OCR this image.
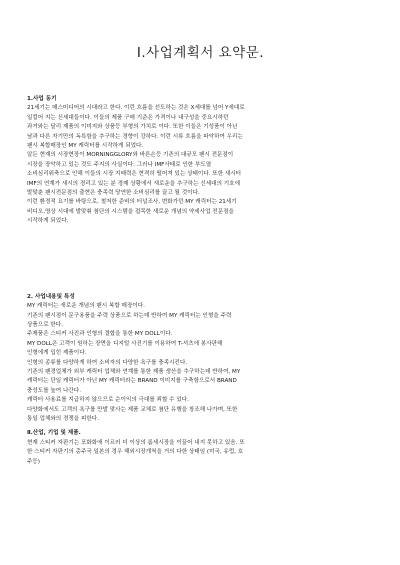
Ⅰ.사업계획서 요약문.

1.사업 동기

21세기는 매스미디어의 시대라고 한다. 이런 흐름을 선도하는 것은 X세대를 넘어 Y세대로

일컬어 지는 신세대들이다. 이들의 제품 구매 기준은 가격이나 내구성을 중요시하던

과거와는 달리 제품의 이미지와 상품등 부형의 가치로 이다. 또한 이들은 기성품이 아닌

남과 다른 자기만의 독특함을 추구하는 경향이 강하다. 이런 시류 흐름을 파악하여 우리는

팬시 복합매장인 MY 캐릭터를 시작하게 되었다.

알든 현재의 시장현장이 MORNINGGLORY와 바른손등 기존의 대규모 팬시 전문점이

시장을 장악하고 있는 것도 주지의 사실이다. 그러나 IMF사태로 인한 부도열

소비심리위축으로 인해 이들의 시장 지배력은 현격히 떨어져 있는 상태이다. 또한 새시터

IMF의 연계가 새시의 경리고 있는 분 경제 상황에서 새로운을 추구하는 신세대의 기호에

발맞춘 팬시전문점의 출현은 충족력 당연한 소비심리를 끌고 될 것이다.

이런 환경적 요기를 바탕으로, 철저한 준비의 터널조사, 변화가던 MY 캐릭터는 21세기

비디오,영상 시대에 발맞춰 첨단의 시스템을 접목한 새로운 개념의 약세사업 전문점을

시작하게 되었다.

2. 사업내용및 특성

MY 캐릭터는 새로운 개념의 팬시 복합 매장이다.

기존의 팬시점이 문구용품을 주력 상품으로 하는데 반하여 MY 캐릭터는 인형을 주력

상품으로 한다.

주제품은 스티커 사진과 인형의 결합을 통한 MY DOLL이다.

MY DOLL은 고객이 원하는 장면을 디지털 사진기를 이용하여 T-셔츠에 봉사판해

인형에게 입힌 제품이다.

인형의 종류를 다양하게 하여 소비자의 다양한 욕구를 충족시킨다.

기존의 팬경업체가 외부 캐릭터 업체와 연계를 통한 제품 생산을 추구하는데 반하여, MY

캐릭터는 단일 캐릭터가 아닌 MY 캐릭터라는 BRAND 이미지를 구축함으로서 BRAND

충성도를 높여 나간다.

캐릭터 사용료를 지급하지 않으므로 순이익의 극대를 꾀할 수 있다.

다양화에서도 고객의 욕구를 만발 맞사는 제품 교체로 첨단 유행을 창조해 나가며, 또한

통일 업체와의 경쟁을 피한다.

Ⅱ.산업, 기업 및 제품.

현재 스티커 자판기는 포화화에 이르러 더 이상의 롬세시장을 이끌어 내지 못하고 있음. 또

한 스티커 자판기의 총주국 일본의 경우 해외시장개척을 거의 다한 상태임 (미국, 유럽, 호

주등)
